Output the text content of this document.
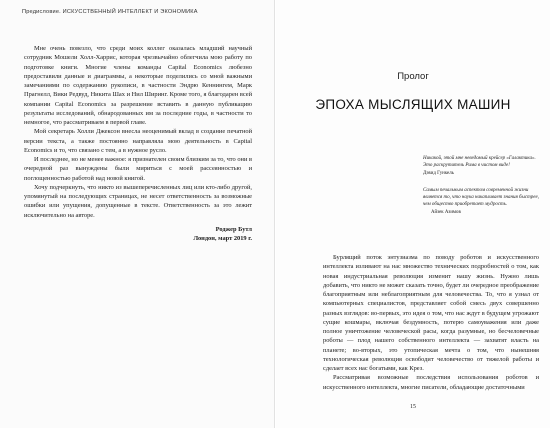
Предисловие. ИСКУССТВЕННЫЙ ИНТЕЛЛЕКТ И ЭКОНОМИКА

Мне очень повезло, что среди моих коллег оказалась младший научный сотрудник Мошели Холл-Харрис, которая чрезвычайно облегчила мою работу по подготовке книги. Многие члены команды Capital Economics любезно предоставили данные и диаграммы, а некоторые поделились со мной важными замечаниями по содержанию рукописи, в частности Эндрю Кеннингем, Марк Прагнелл, Вики Редвуд, Никита Шах и Нил Ширинг. Кроме того, я благодарен всей компании Capital Economics за разрешение вставить в данную публикацию результаты исследований, обнародованных им за последние годы, в частности то немногое, что рассматриваем в первой главе.

Мой секретарь Холли Джексон внесла неоценимый вклад в создание печатной версии текста, а также постоянно направляла мою деятельность в Capital Economics и то, что связано с тем, а в нужное русло.

И последнее, но не менее важное: я признателен своим близким за то, что они в очередной раз вынуждены были мириться с моей рассеянностью и поглощенностью работой над новой книгой.

Хочу подчеркнуть, что никто из вышеперечисленных лиц или кто-либо другой, упомянутый на последующих страницах, не несет ответственность за возможные ошибки или упущения, допущенные в тексте. Ответственность за это лежит исключительно на авторе.

Роджер Бутл
Лондон, март 2019 г.
Пролог
ЭПОХА МЫСЛЯЩИХ МАШИН
Никакой, этой мне неведомый крейсер «Галактика». Это раскрутитель Рима в чистом виде!
Дэвид Гункель
Самым печальным аспектом современной жизни является то, что наука накапливает знания быстрее, чем общество приобретает мудрость.
Айзек Азимов

Бурлящий поток энтузиазма по поводу роботов и искусственного интеллекта изливают на нас множество технических подробностей о том, как новая индустриальная революция изменит нашу жизнь. Нужно лишь добавить, что никто не может сказать точно, будет ли очередное преображение благоприятным или неблагоприятным для человечества. То, что я узнал от компьютерных специалистов, представляет собой смесь двух совершенно разных взглядов: во-первых, это идея о том, что нас ждут в будущем угрожают сущие кошмары, включая бездумность, потерю самоуважения или даже полное уничтожение человеческой расы, когда разумные, но бесчеловечные роботы — плод нашего собственного интеллекта — захватят власть на планете; во-вторых, это утопическая мечта о том, что нынешняя технологическая революция освободит человечество от тяжелой работы и сделает всех нас богатыми, как Крез.

Рассматривая возможные последствия использования роботов и искусственного интеллекта, многие писатели, обладающие достаточными

15
